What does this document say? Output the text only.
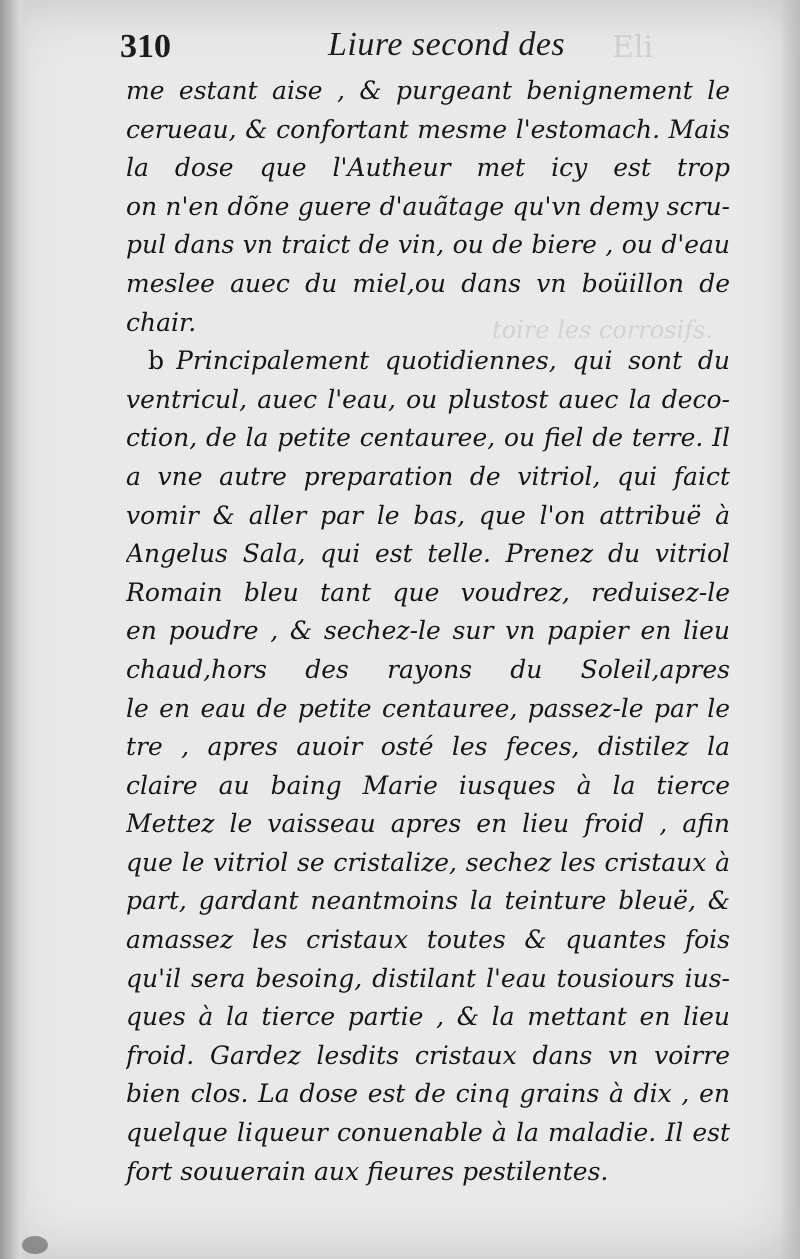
toire les corrosifs.
Eli
310	Liure second des
me estant aise , & purgeant benignement le
cerueau, & confortant mesme l'estomach. Mais
la dose que l'Autheur met icy est trop
on n'en dõne guere d'auãtage qu'vn demy scru-
pul dans vn traict de vin, ou de biere , ou d'eau
meslee auec du miel,ou dans vn boüillon de
chair.
b Principalement quotidiennes, qui sont du
ventricul, auec l'eau, ou plustost auec la deco-
ction, de la petite centauree, ou fiel de terre. Il
a vne autre preparation de vitriol, qui faict
vomir & aller par le bas, que l'on attribuë à
Angelus Sala, qui est telle. Prenez du vitriol
Romain bleu tant que voudrez, reduisez-le
en poudre , & sechez-le sur vn papier en lieu
chaud,hors des rayons du Soleil,apres
le en eau de petite centauree, passez-le par le
tre , apres auoir osté les feces, distilez la
claire au baing Marie iusques à la tierce
Mettez le vaisseau apres en lieu froid , afin
que le vitriol se cristalize, sechez les cristaux à
part, gardant neantmoins la teinture bleuë, &
amassez les cristaux toutes & quantes fois
qu'il sera besoing, distilant l'eau tousiours ius-
ques à la tierce partie , & la mettant en lieu
froid. Gardez lesdits cristaux dans vn voirre
bien clos. La dose est de cinq grains à dix , en
quelque liqueur conuenable à la maladie. Il est
fort souuerain aux fieures pestilentes.
